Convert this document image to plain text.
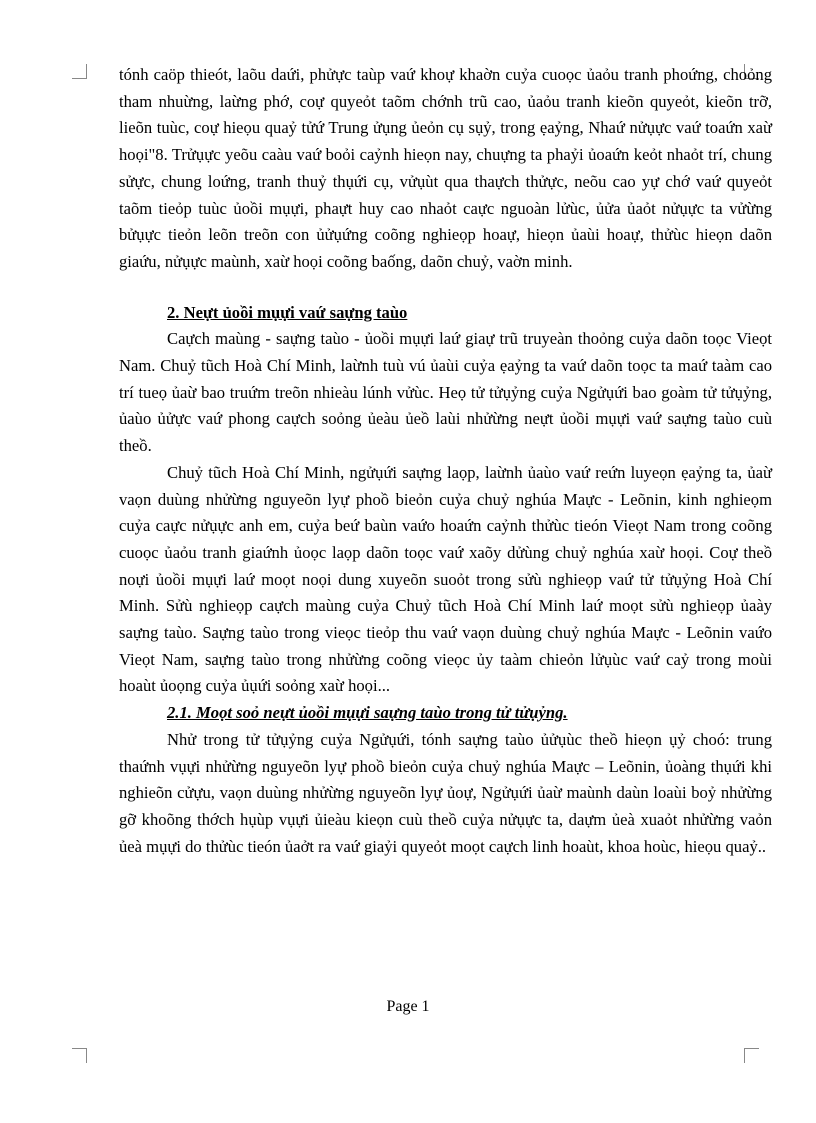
tónh caöp thieót, laõu daứi, phửực taùp vaứ khoự khaờn cuỷa cuoọc ủaỏu tranh phoứng, choỏng tham nhuừng, laừng phớ, coự quyeỏt taõm chớnh trũ cao, ủaỏu tranh kieõn quyeỏt, kieõn trỡ, lieõn tuùc, coự hieọu quaỷ tửứ Trung ửụng ủeỏn cụ sụỷ, trong ẹaỷng, Nhaứ nửụực vaứ toaứn xaừ hoọi"8. Trửụực yeõu caàu vaứ boỏi caỷnh hieọn nay, chuựng ta phaỷi ủoaứn keỏt nhaỏt trí, chung sửực, chung loứng, tranh thuỷ thụứi cụ, vửụùt qua thaựch thửực, neõu cao yự chớ vaứ quyeỏt taõm tieỏp tuùc ủoồi mụựi, phaựt huy cao nhaỏt caực nguoàn lửùc, ủửa ủaỏt nửụực ta vửừng bửụực tieỏn leõn treõn con ủửụứng coõng nghieọp hoaự, hieọn ủaùi hoaự, thửùc hieọn daõn giaứu, nửụực maùnh, xaừ hoọi coõng baống, daõn chuỷ, vaờn minh.

2. Neựt ủoồi mụựi vaứ saựng taùo

Caựch maùng - saựng taùo - ủoồi mụựi laứ giaự trũ truyeàn thoỏng cuỷa daõn toọc Vieọt Nam. Chuỷ tũch Hoà Chí Minh, laừnh tuù vú ủaùi cuỷa ẹaỷng ta vaứ daõn toọc ta maứ taàm cao trí tueọ ủaừ bao truứm treõn nhieàu lúnh vửùc. Heọ tử tửụỷng cuỷa Ngửụứi bao goàm tử tửụỷng, ủaùo ủửực vaứ phong caựch soỏng ủeàu ủeồ laùi nhửừng neựt ủoồi mụựi vaứ saựng taùo cuù theồ.

Chuỷ tũch Hoà Chí Minh, ngửụứi saựng laọp, laừnh ủaùo vaứ reứn luyeọn ẹaỷng ta, ủaừ vaọn duùng nhửừng nguyeõn lyự phoồ bieỏn cuỷa chuỷ nghúa Maực - Leõnin, kinh nghieọm cuỷa caực nửụực anh em, cuỷa beứ baùn vaứo hoaứn caỷnh thửùc tieón Vieọt Nam trong coõng cuoọc ủaỏu tranh giaứnh ủoọc laọp daõn toọc vaứ xaõy dửùng chuỷ nghúa xaừ hoọi. Coự theồ noựi ủoồi mụựi laứ moọt noọi dung xuyeõn suoỏt trong sửù nghieọp vaứ tử tửụỷng Hoà Chí Minh. Sửù nghieọp caựch maùng cuỷa Chuỷ tũch Hoà Chí Minh laứ moọt sửù nghieọp ủaày saựng taùo. Saựng taùo trong vieọc tieỏp thu vaứ vaọn duùng chuỷ nghúa Maực - Leõnin vaứo Vieọt Nam, saựng taùo trong nhửừng coõng vieọc ủy taàm chieỏn lửụùc vaứ caỷ trong moùi hoaùt ủoọng cuỷa ủụứi soỏng xaừ hoọi...

2.1. Moọt soỏ neựt ủoồi mụựi saựng taùo trong tử tửụỷng.

Nhử trong tử tửụỷng cuỷa Ngửụứi, tónh saựng taùo ủửụùc theồ hieọn ụỷ choó: trung thaứnh vụựi nhửừng nguyeõn lyự phoồ bieỏn cuỷa chuỷ nghúa Maực – Leõnin, ủoàng thụứi khi nghieõn cửựu, vaọn duùng nhửừng nguyeõn lyự ủoự, Ngửụứi ủaừ maùnh daùn loaùi boỷ nhửừng gỡ khoõng thớch hụùp vụựi ủieàu kieọn cuù theồ cuỷa nửụực ta, daựm ủeà xuaỏt nhửừng vaỏn ủeà mụựi do thửùc tieón ủaởt ra vaứ giaỷi quyeỏt moọt caựch linh hoaùt, khoa hoùc, hieọu quaỷ..

Page 1
